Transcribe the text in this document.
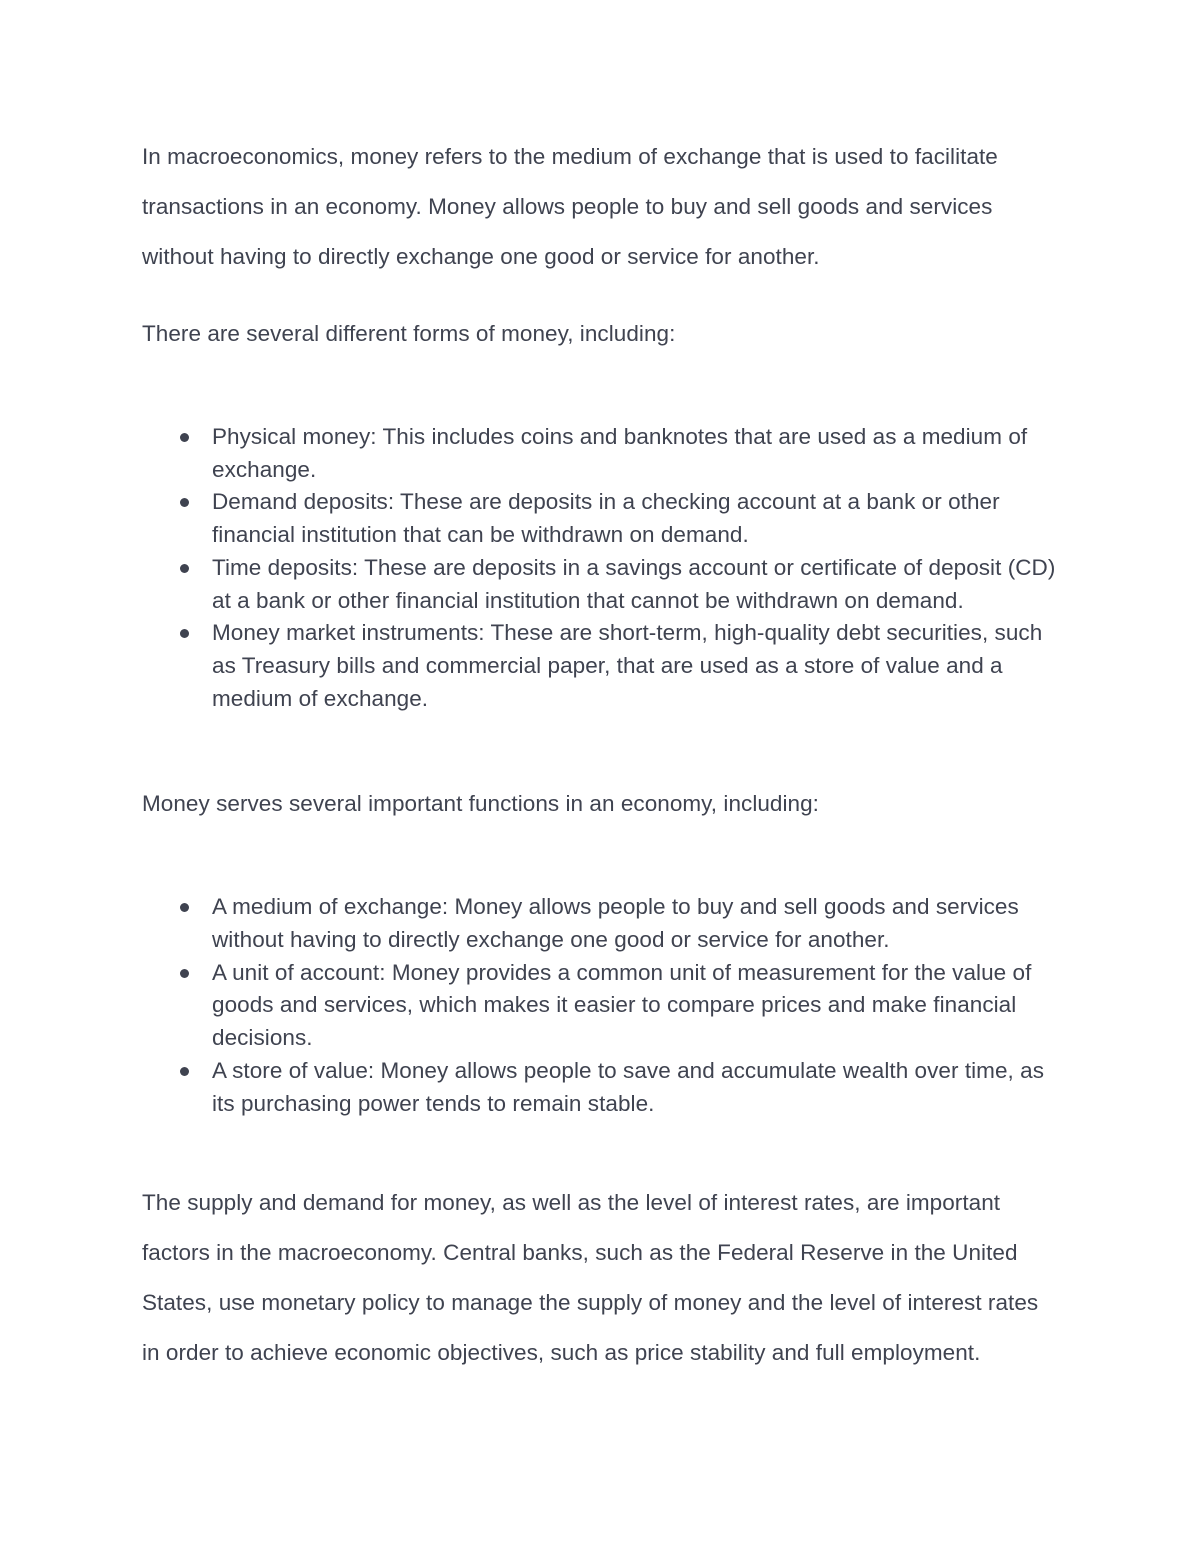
In macroeconomics, money refers to the medium of exchange that is used to facilitate transactions in an economy. Money allows people to buy and sell goods and services without having to directly exchange one good or service for another.

There are several different forms of money, including:

Physical money: This includes coins and banknotes that are used as a medium of exchange.
Demand deposits: These are deposits in a checking account at a bank or other financial institution that can be withdrawn on demand.
Time deposits: These are deposits in a savings account or certificate of deposit (CD) at a bank or other financial institution that cannot be withdrawn on demand.
Money market instruments: These are short-term, high-quality debt securities, such as Treasury bills and commercial paper, that are used as a store of value and a medium of exchange.

Money serves several important functions in an economy, including:

A medium of exchange: Money allows people to buy and sell goods and services without having to directly exchange one good or service for another.
A unit of account: Money provides a common unit of measurement for the value of goods and services, which makes it easier to compare prices and make financial decisions.
A store of value: Money allows people to save and accumulate wealth over time, as its purchasing power tends to remain stable.

The supply and demand for money, as well as the level of interest rates, are important factors in the macroeconomy. Central banks, such as the Federal Reserve in the United States, use monetary policy to manage the supply of money and the level of interest rates in order to achieve economic objectives, such as price stability and full employment.
